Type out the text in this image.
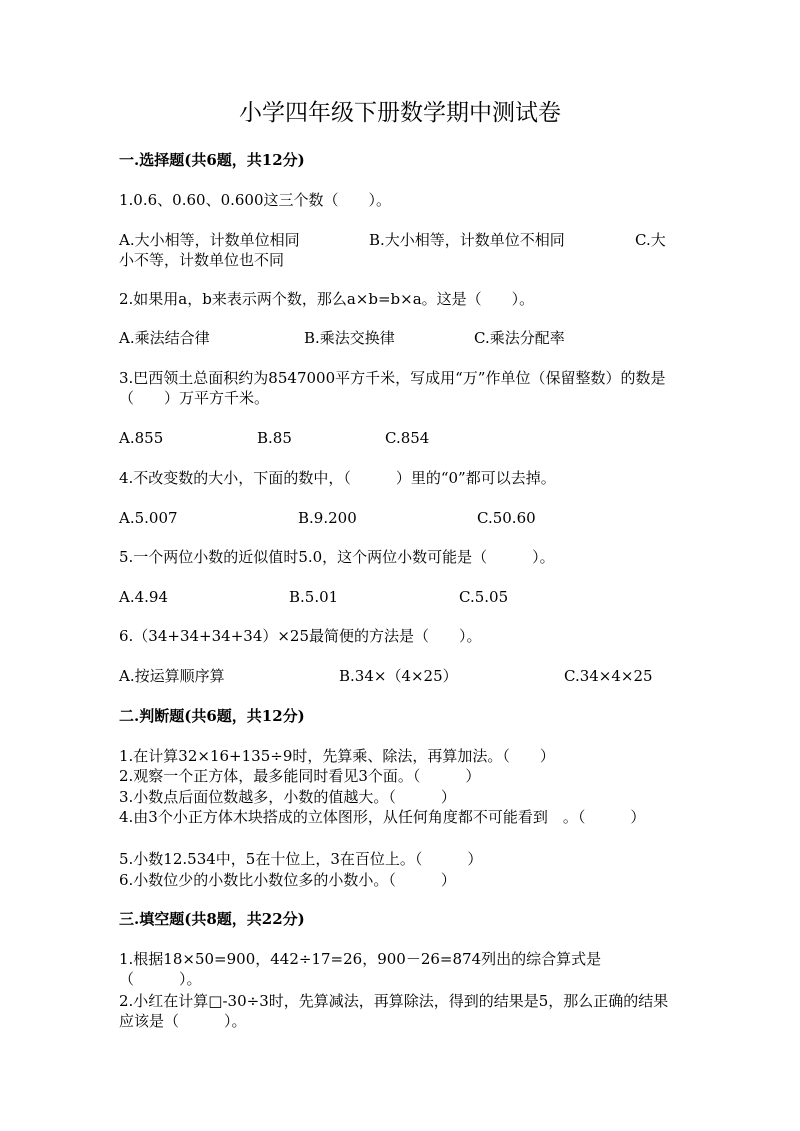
小学四年级下册数学期中测试卷
一.选择题(共6题，共12分)
1.0.6、0.60、0.600这三个数（　　）。
A.大小相等，计数单位相同	B.大小相等，计数单位不相同	C.大小不等，计数单位也不同
2.如果用a，b来表示两个数，那么a×b=b×a。这是（　　）。
A.乘法结合律	B.乘法交换律	C.乘法分配率
3.巴西领土总面积约为8547000平方千米，写成用“万”作单位（保留整数）的数是（　　）万平方千米。
A.855	B.85	C.854
4.不改变数的大小，下面的数中，（　　　）里的“0”都可以去掉。
A.5.007	B.9.200	C.50.60
5.一个两位小数的近似值时5.0，这个两位小数可能是（　　　）。
A.4.94	B.5.01	C.5.05
6.（34+34+34+34）×25最简便的方法是（　　）。
A.按运算顺序算	B.34×（4×25）	C.34×4×25
二.判断题(共6题，共12分)
1.在计算32×16+135÷9时，先算乘、除法，再算加法。（　　）
2.观察一个正方体，最多能同时看见3个面。（　　　）
3.小数点后面位数越多，小数的值越大。（　　　）
4.由3个小正方体木块搭成的立体图形，从任何角度都不可能看到　。（　　　）
5.小数12.534中，5在十位上，3在百位上。（　　　）
6.小数位少的小数比小数位多的小数小。（　　　）
三.填空题(共8题，共22分)
1.根据18×50=900，442÷17=26，900－26=874列出的综合算式是（　　　）。
2.小红在计算□-30÷3时，先算减法，再算除法，得到的结果是5，那么正确的结果应该是（　　　）。
